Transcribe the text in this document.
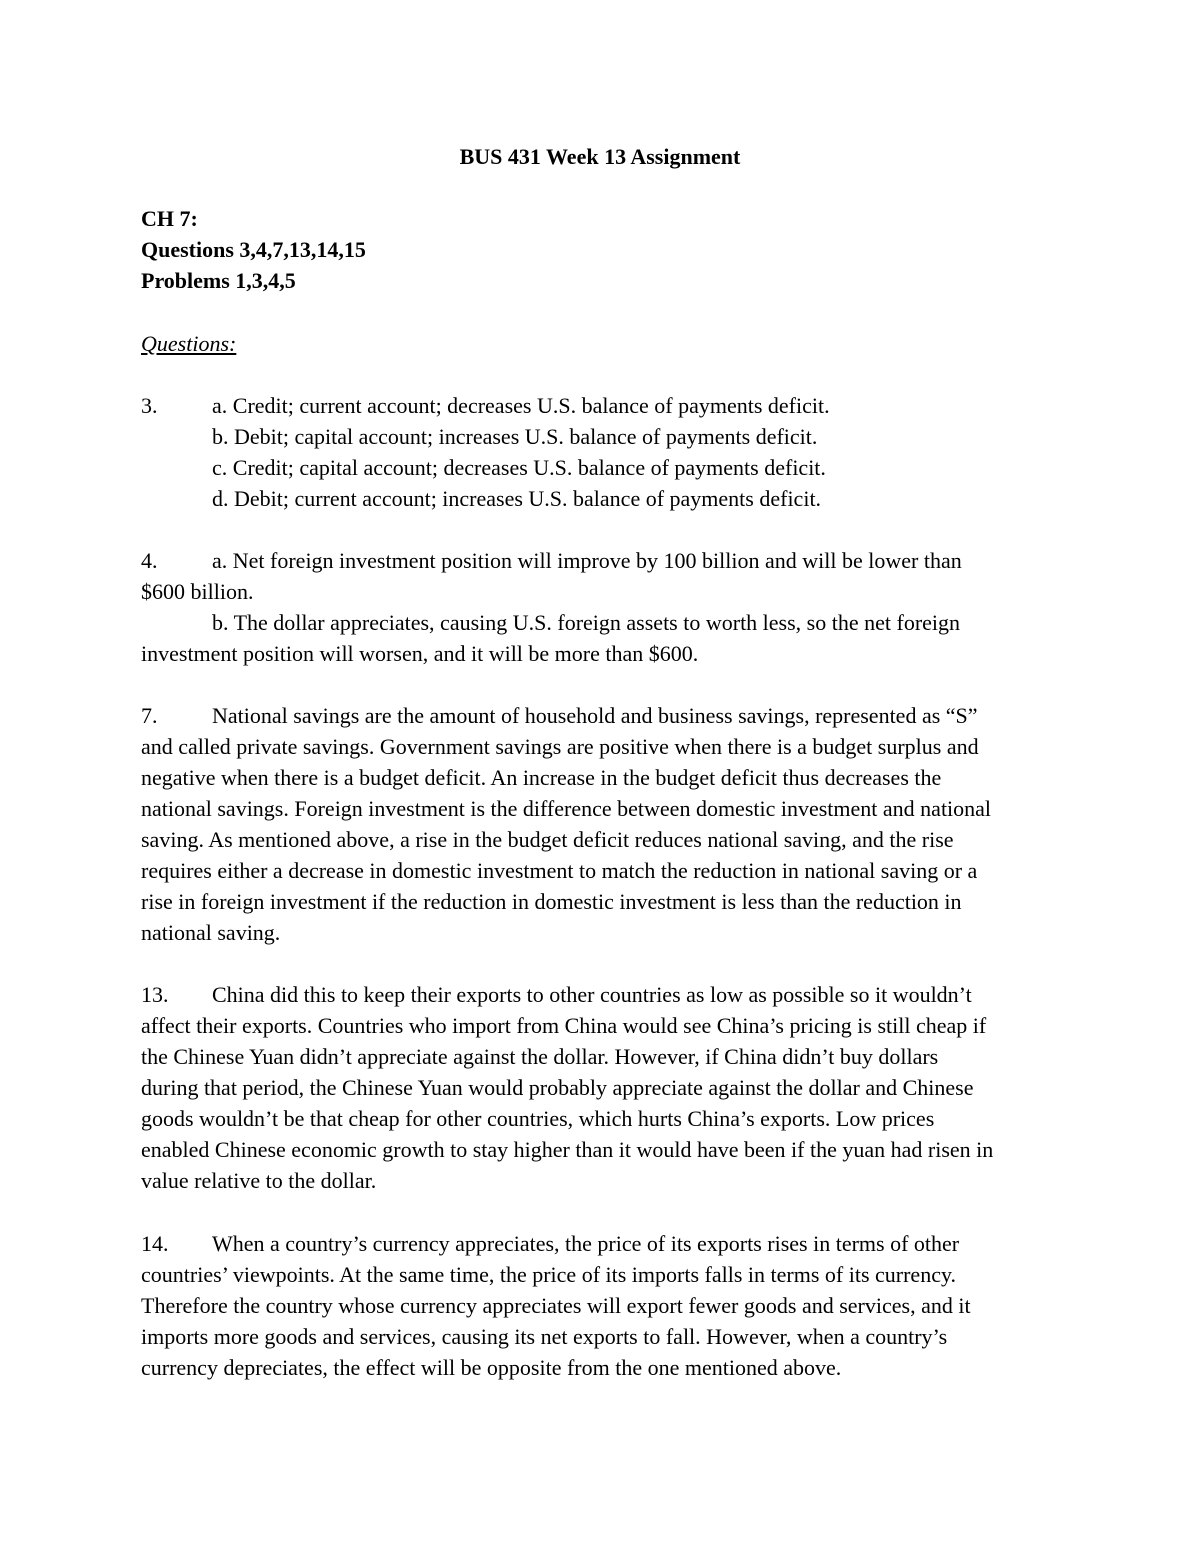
BUS 431 Week 13 Assignment
CH 7:
Questions 3,4,7,13,14,15
Problems 1,3,4,5
Questions:
3. a. Credit; current account; decreases U.S. balance of payments deficit.
b. Debit; capital account; increases U.S. balance of payments deficit.
c. Credit; capital account; decreases U.S. balance of payments deficit.
d. Debit; current account; increases U.S. balance of payments deficit.
4. a. Net foreign investment position will improve by 100 billion and will be lower than
$600 billion.
b. The dollar appreciates, causing U.S. foreign assets to worth less, so the net foreign
investment position will worsen, and it will be more than $600.
7. National savings are the amount of household and business savings, represented as “S”
and called private savings. Government savings are positive when there is a budget surplus and
negative when there is a budget deficit. An increase in the budget deficit thus decreases the
national savings. Foreign investment is the difference between domestic investment and national
saving. As mentioned above, a rise in the budget deficit reduces national saving, and the rise
requires either a decrease in domestic investment to match the reduction in national saving or a
rise in foreign investment if the reduction in domestic investment is less than the reduction in
national saving.
13. China did this to keep their exports to other countries as low as possible so it wouldn’t
affect their exports. Countries who import from China would see China’s pricing is still cheap if
the Chinese Yuan didn’t appreciate against the dollar. However, if China didn’t buy dollars
during that period, the Chinese Yuan would probably appreciate against the dollar and Chinese
goods wouldn’t be that cheap for other countries, which hurts China’s exports. Low prices
enabled Chinese economic growth to stay higher than it would have been if the yuan had risen in
value relative to the dollar.
14. When a country’s currency appreciates, the price of its exports rises in terms of other
countries’ viewpoints. At the same time, the price of its imports falls in terms of its currency.
Therefore the country whose currency appreciates will export fewer goods and services, and it
imports more goods and services, causing its net exports to fall. However, when a country’s
currency depreciates, the effect will be opposite from the one mentioned above.
